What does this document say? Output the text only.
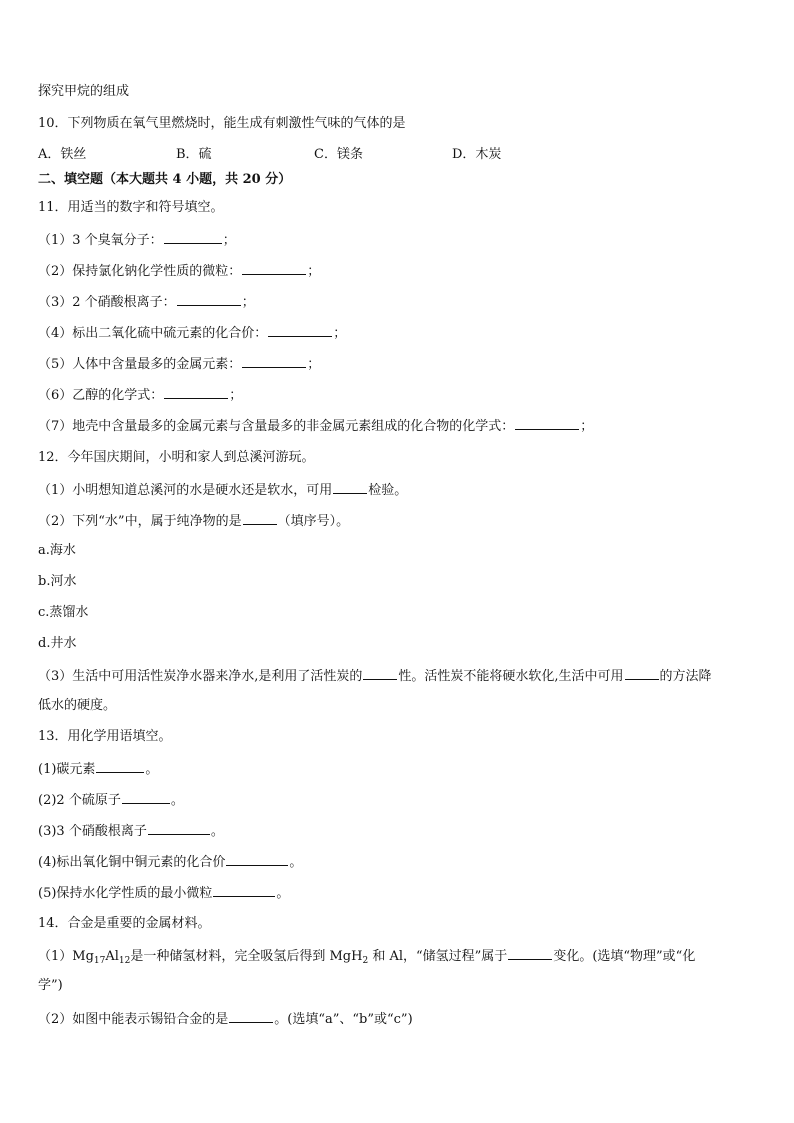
探究甲烷的组成
10．下列物质在氧气里燃烧时，能生成有刺激性气味的气体的是
A．铁丝	B．硫	C．镁条	D．木炭
二、填空题（本大题共 4 小题，共 20 分）
11．用适当的数字和符号填空。
（1）3 个臭氧分子：	；
（2）保持氯化钠化学性质的微粒：	；
（3）2 个硝酸根离子：	；
（4）标出二氧化硫中硫元素的化合价：	；
（5）人体中含量最多的金属元素：	；
（6）乙醇的化学式：	；
（7）地壳中含量最多的金属元素与含量最多的非金属元素组成的化合物的化学式：	；
12．今年国庆期间，小明和家人到总溪河游玩。
（1）小明想知道总溪河的水是硬水还是软水，可用	检验。
（2）下列“水”中，属于纯净物的是	（填序号）。
a.海水
b.河水
c.蒸馏水
d.井水
（3）生活中可用活性炭净水器来净水,是利用了活性炭的	性。活性炭不能将硬水软化,生活中可用	的方法降
低水的硬度。
13．用化学用语填空。
(1)碳元素	。
(2)2 个硫原子	。
(3)3 个硝酸根离子	。
(4)标出氧化铜中铜元素的化合价	。
(5)保持水化学性质的最小微粒	。
14．合金是重要的金属材料。
$(1)Mg_{17}Al_{12}$是一种储氢材料，完全吸氢后得到 MgH$_2$ 和 Al，“储氢过程”属于	变化。(选填“物理”或“化
学”)
（2）如图中能表示锡铅合金的是	。(选填“a”、“b”或“c”)
